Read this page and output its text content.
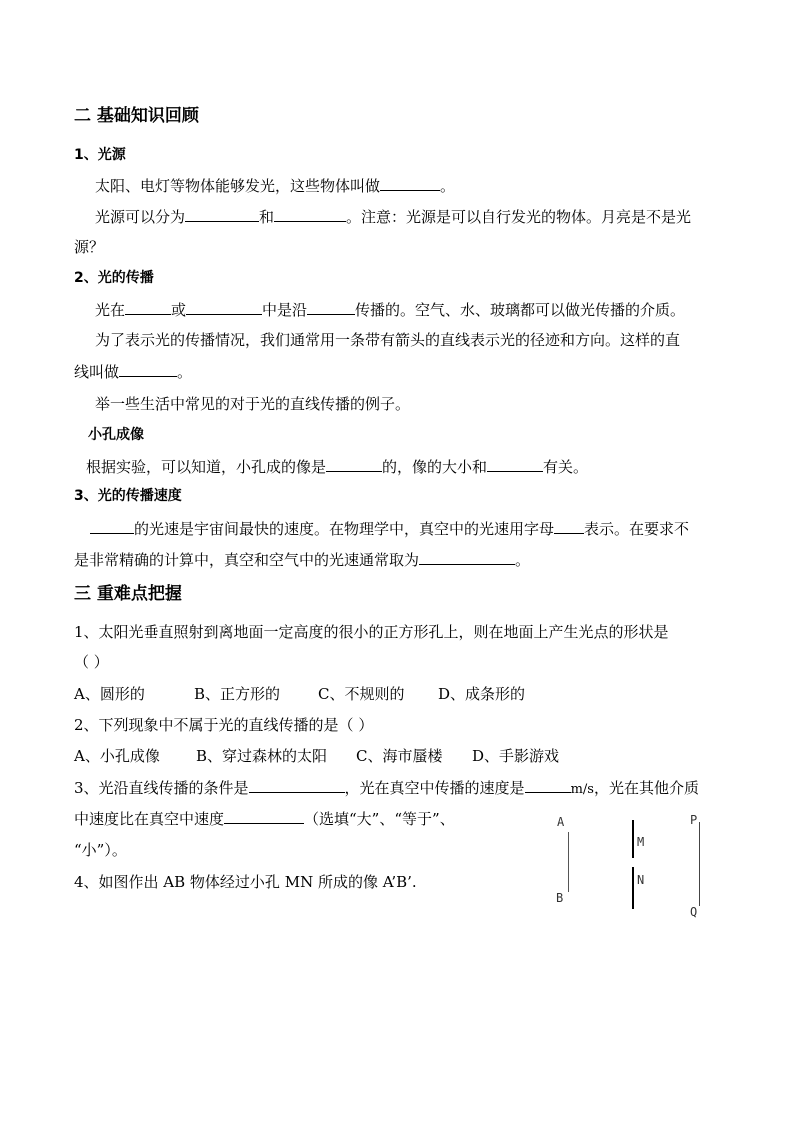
二 基础知识回顾
1、光源
太阳、电灯等物体能够发光，这些物体叫做	。
光源可以分为	和	。注意：光源是可以自行发光的物体。月亮是不是光
源？
2、光的传播
光在	或	中是沿	传播的。空气、水、玻璃都可以做光传播的介质。
为了表示光的传播情况，我们通常用一条带有箭头的直线表示光的径迹和方向。这样的直
线叫做	。
举一些生活中常见的对于光的直线传播的例子。
小孔成像
根据实验，可以知道，小孔成的像是	的，像的大小和	有关。
3、光的传播速度
的光速是宇宙间最快的速度。在物理学中，真空中的光速用字母 表示。在要求不
是非常精确的计算中，真空和空气中的光速通常取为	。
三 重难点把握
1、太阳光垂直照射到离地面一定高度的很小的正方形孔上，则在地面上产生光点的形状是
（ ）
A、圆形的	B、正方形的	C、不规则的 D、成条形的
2、下列现象中不属于光的直线传播的是（ ）
A、小孔成像 B、穿过森林的太阳 C、海市蜃楼 D、手影游戏
3、光沿直线传播的条件是	，光在真空中传播的速度是	m/s，光在其他介质
中速度比在真空中速度	（选填“大”、“等于”、
“小”）。
4、如图作出 AB 物体经过小孔 MN 所成的像 A’B’.
A
B
M
N
P
Q
